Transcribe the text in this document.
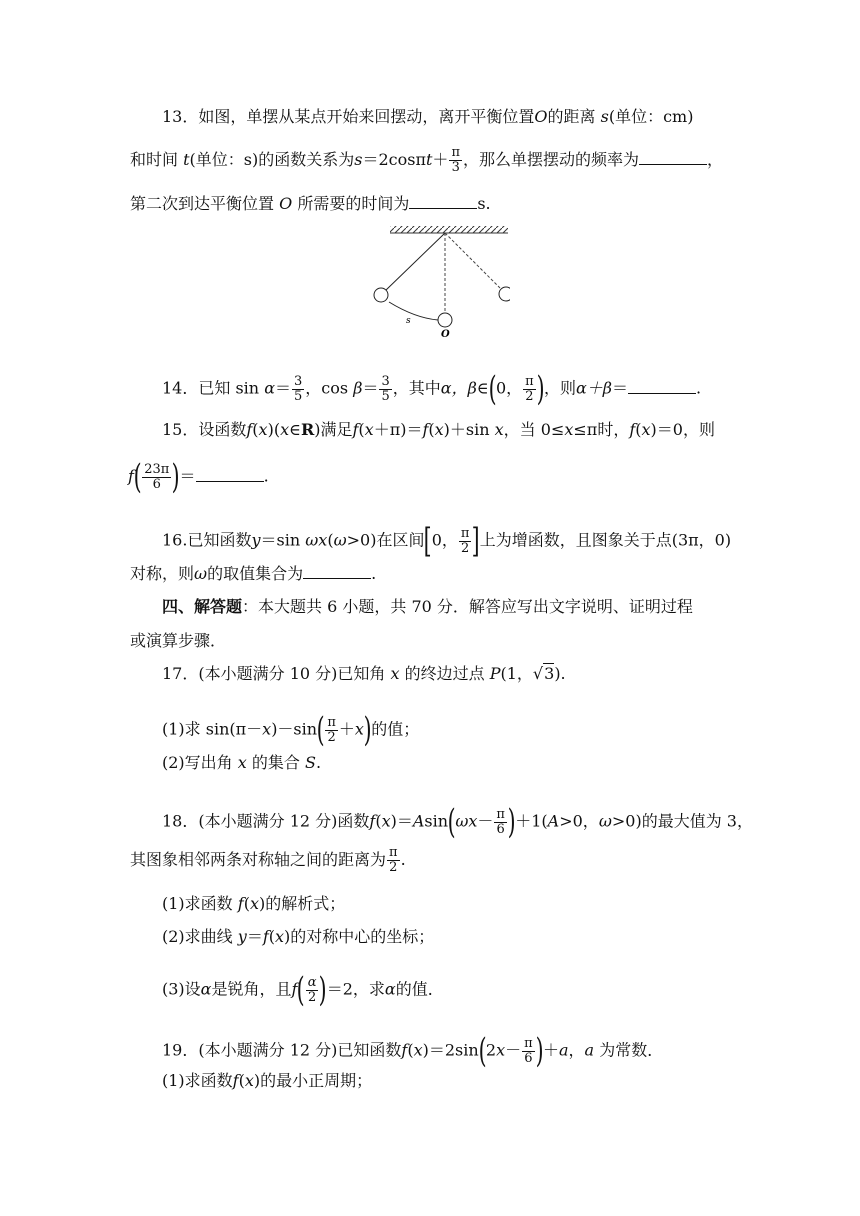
13．如图，单摆从某点开始来回摆动，离开平衡位置O的距离 s(单位：cm)
和时间 t(单位：s)的函数关系为$s=2\cos\pi t+ \frac{\pi}{3}$ ，那么单摆摆动的频率为	，
第二次到达平衡位置 O 所需要的时间为	s.
s
O
14．已知 $\sin \alpha= \frac{3}{5}$ ，$\cos \beta= \frac{3}{5}$ ，其中α，β∈(0， $\frac{\pi}{2}$ )，则α＋β＝	.
15．设函数f(x)(x∈R)满足f(x＋π)＝f(x)＋sin x，当 0≤x≤π时，f(x)＝0，则
$f( \frac{23\pi}{6}$ )＝	.
16.已知函数y＝sin ωx(ω>0)在区间[0， $\frac{\pi}{2}$ ]上为增函数，且图象关于点(3π，0)
对称，则ω的取值集合为	.
四、解答题：本大题共 6 小题，共 70 分．解答应写出文字说明、证明过程
或演算步骤．
17．(本小题满分 10 分)已知角 x 的终边过点 P(1，√3).
(1)求 $\sin(\pi-x)-\sin( \frac{\pi}{2} +x)$的值；
(2)写出角 x 的集合 S.
18．(本小题满分 12 分)函数$f(x)=Asin(\omega x- \frac{\pi}{6} )+1(A>0$，ω>0)的最大值为 3，
其图象相邻两条对称轴之间的距离为 $\frac{\pi}{2}$ .
(1)求函数 f(x)的解析式；
(2)求曲线 y＝f(x)的对称中心的坐标；
(3)设α是锐角，且$f( \frac{\alpha}{2} )=2$，求α的值．
19．(本小题满分 12 分)已知函数$f(x)=2\sin(2x- \frac{\pi}{6} )+a$，a 为常数．
(1)求函数f(x)的最小正周期；
